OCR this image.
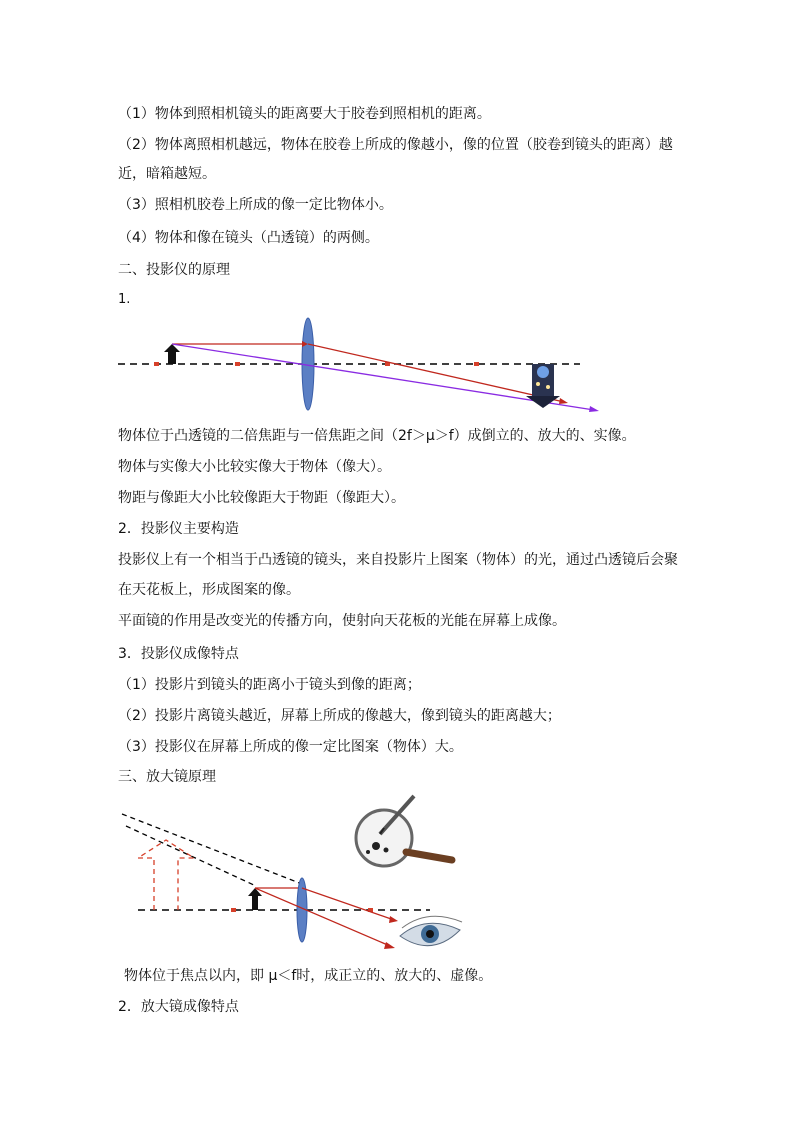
（1）物体到照相机镜头的距离要大于胶卷到照相机的距离。
（2）物体离照相机越远，物体在胶卷上所成的像越小，像的位置（胶卷到镜头的距离）越
近，暗箱越短。
（3）照相机胶卷上所成的像一定比物体小。
（4）物体和像在镜头（凸透镜）的两侧。
二、投影仪的原理
1.
物体位于凸透镜的二倍焦距与一倍焦距之间（2f＞μ＞f）成倒立的、放大的、实像。
物体与实像大小比较实像大于物体（像大）。
物距与像距大小比较像距大于物距（像距大）。
2．投影仪主要构造
投影仪上有一个相当于凸透镜的镜头，来自投影片上图案（物体）的光，通过凸透镜后会聚
在天花板上，形成图案的像。
平面镜的作用是改变光的传播方向，使射向天花板的光能在屏幕上成像。
3．投影仪成像特点
（1）投影片到镜头的距离小于镜头到像的距离；
（2）投影片离镜头越近，屏幕上所成的像越大，像到镜头的距离越大；
（3）投影仪在屏幕上所成的像一定比图案（物体）大。
三、放大镜原理
物体位于焦点以内，即 μ＜f时，成正立的、放大的、虚像。
2．放大镜成像特点
